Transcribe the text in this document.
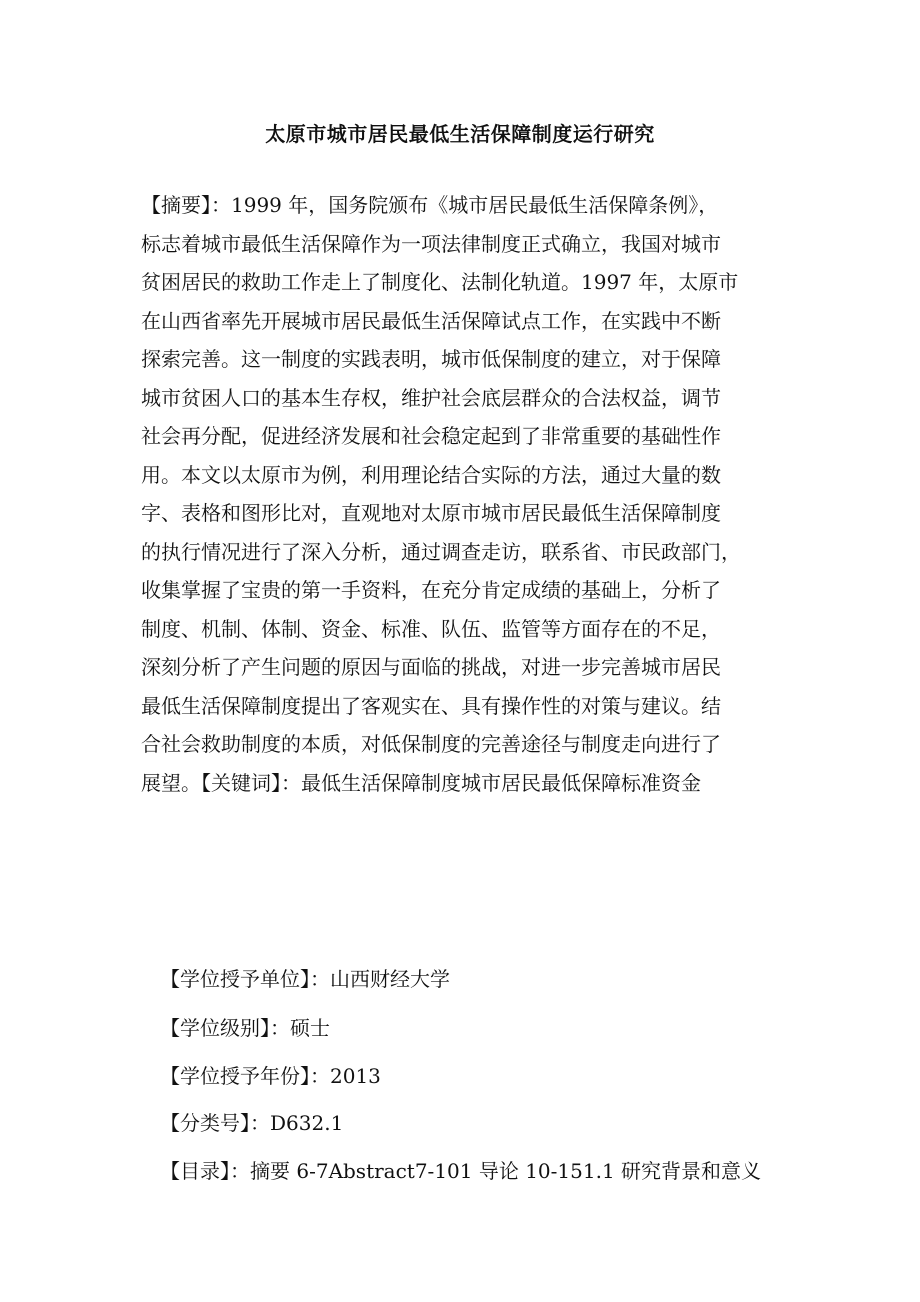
太原市城市居民最低生活保障制度运行研究
【摘要】：1999 年，国务院颁布《城市居民最低生活保障条例》，
标志着城市最低生活保障作为一项法律制度正式确立，我国对城市
贫困居民的救助工作走上了制度化、法制化轨道。1997 年，太原市
在山西省率先开展城市居民最低生活保障试点工作，在实践中不断
探索完善。这一制度的实践表明，城市低保制度的建立，对于保障
城市贫困人口的基本生存权，维护社会底层群众的合法权益，调节
社会再分配，促进经济发展和社会稳定起到了非常重要的基础性作
用。本文以太原市为例，利用理论结合实际的方法，通过大量的数
字、表格和图形比对，直观地对太原市城市居民最低生活保障制度
的执行情况进行了深入分析，通过调查走访，联系省、市民政部门，
收集掌握了宝贵的第一手资料，在充分肯定成绩的基础上，分析了
制度、机制、体制、资金、标准、队伍、监管等方面存在的不足，
深刻分析了产生问题的原因与面临的挑战，对进一步完善城市居民
最低生活保障制度提出了客观实在、具有操作性的对策与建议。结
合社会救助制度的本质，对低保制度的完善途径与制度走向进行了
展望。【关键词】：最低生活保障制度城市居民最低保障标准资金
【学位授予单位】：山西财经大学
【学位级别】：硕士
【学位授予年份】：2013
【分类号】：D632.1
【目录】：摘要 6-7Abstract7-101 导论 10-151.1 研究背景和意义
